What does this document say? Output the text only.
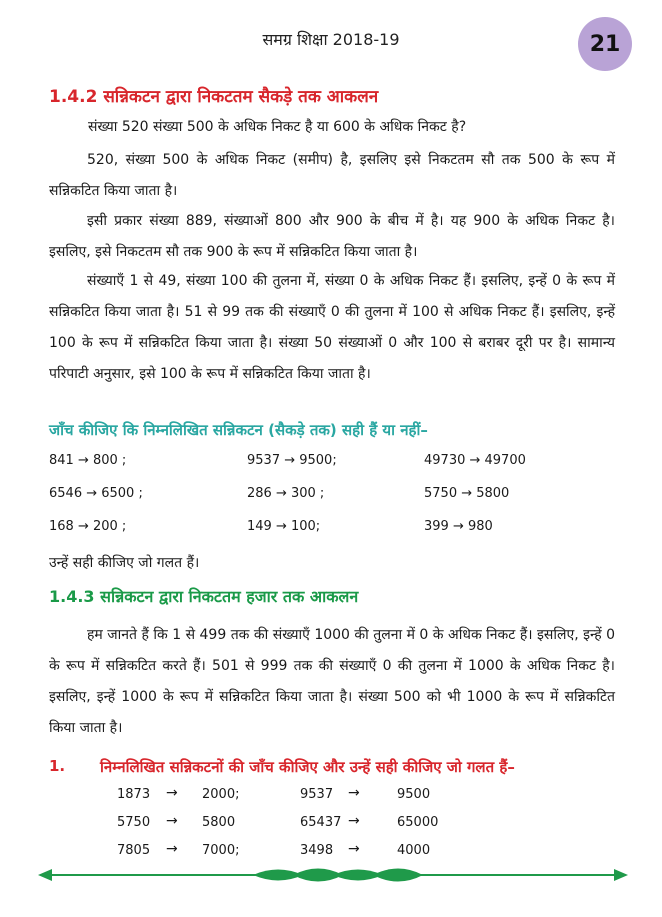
समग्र शिक्षा 2018-19	21
1.4.2 सन्निकटन द्वारा निकटतम सैकड़े तक आकलन
संख्या 520 संख्या 500 के अधिक निकट है या 600 के अधिक निकट है?
520, संख्या 500 के अधिक निकट (समीप) है, इसलिए इसे निकटतम सौ तक 500 के रूप में सन्निकटित किया जाता है।
इसी प्रकार संख्या 889, संख्याओं 800 और 900 के बीच में है। यह 900 के अधिक निकट है। इसलिए, इसे निकटतम सौ तक 900 के रूप में सन्निकटित किया जाता है।
संख्याएँ 1 से 49, संख्या 100 की तुलना में, संख्या 0 के अधिक निकट हैं। इसलिए, इन्हें 0 के रूप में सन्निकटित किया जाता है। 51 से 99 तक की संख्याएँ 0 की तुलना में 100 से अधिक निकट हैं। इसलिए, इन्हें 100 के रूप में सन्निकटित किया जाता है। संख्या 50 संख्याओं 0 और 100 से बराबर दूरी पर है। सामान्य परिपाटी अनुसार, इसे 100 के रूप में सन्निकटित किया जाता है।
जाँच कीजिए कि निम्नलिखित सन्निकटन (सैकड़े तक) सही हैं या नहीं–
841 → 800 ;	9537 → 9500;	49730 → 49700
6546 → 6500 ;	286 → 300 ;	5750 → 5800
168 → 200 ;	149 → 100;	399 → 980
उन्हें सही कीजिए जो गलत हैं।
1.4.3 सन्निकटन द्वारा निकटतम हजार तक आकलन
हम जानते हैं कि 1 से 499 तक की संख्याएँ 1000 की तुलना में 0 के अधिक निकट हैं। इसलिए, इन्हें 0 के रूप में सन्निकटित करते हैं। 501 से 999 तक की संख्याएँ 0 की तुलना में 1000 के अधिक निकट है। इसलिए, इन्हें 1000 के रूप में सन्निकटित किया जाता है। संख्या 500 को भी 1000 के रूप में सन्निकटित किया जाता है।
1. निम्नलिखित सन्निकटनों की जाँच कीजिए और उन्हें सही कीजिए जो गलत हैं–
1873 → 2000;	9537 →	9500
5750 → 5800	65437 →	65000
7805 → 7000;	3498 →	4000
